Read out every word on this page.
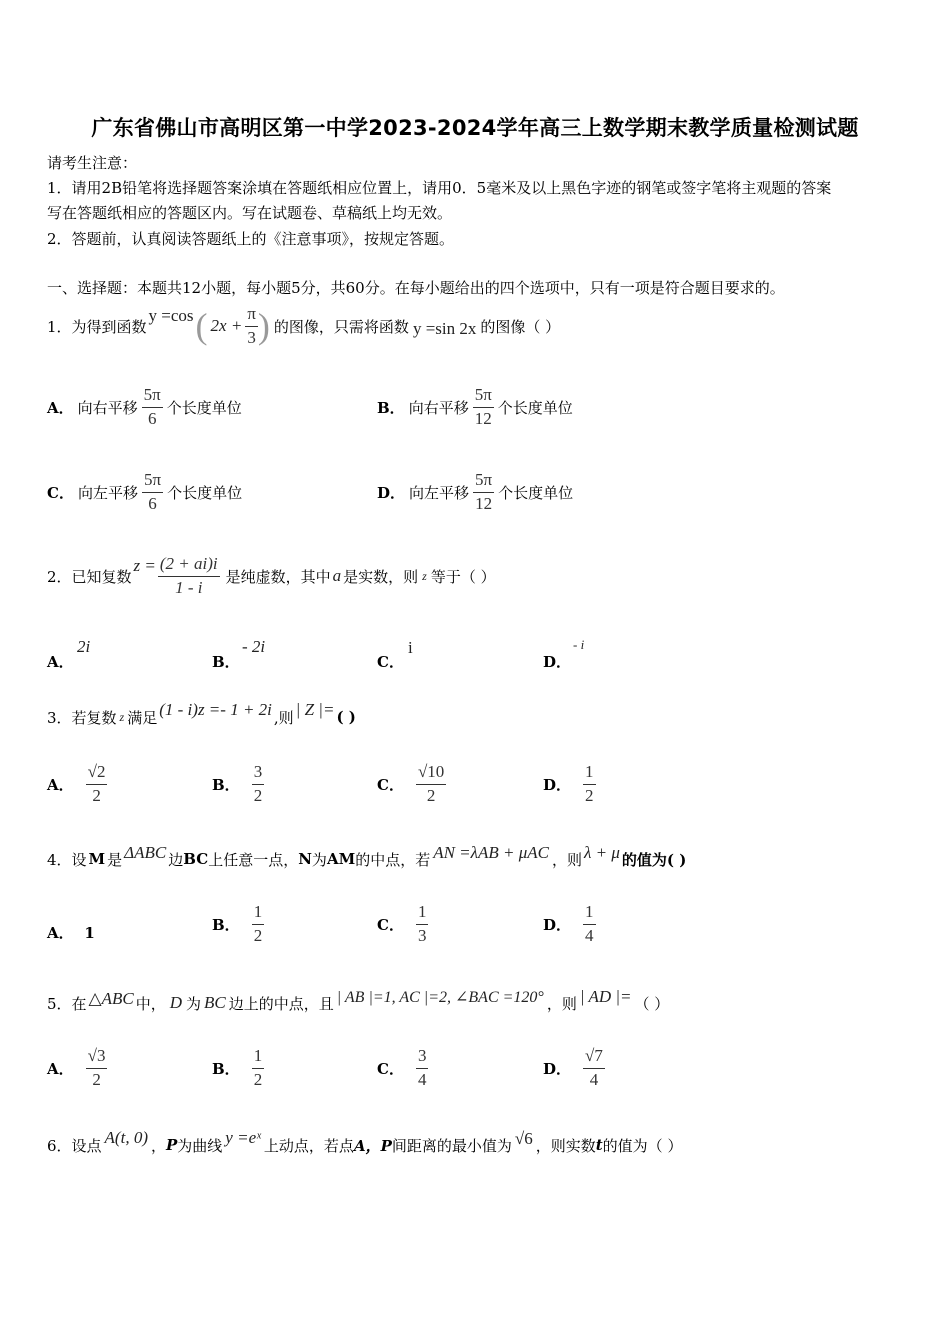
广东省佛山市高明区第一中学2023-2024学年高三上数学期末教学质量检测试题
请考生注意：
1．请用2B铅笔将选择题答案涂填在答题纸相应位置上，请用0．5毫米及以上黑色字迹的钢笔或签字笔将主观题的答案
写在答题纸相应的答题区内。写在试题卷、草稿纸上均无效。
2．答题前，认真阅读答题纸上的《注意事项》，按规定答题。
一、选择题：本题共12小题，每小题5分，共60分。在每小题给出的四个选项中，只有一项是符合题目要求的。
1．为得到函数
y =cos ( $2x + \frac{\pi}{3}$ ) 的图像，只需将函数 y =sin 2x 的图像（ ）
A． 向右平移 $\frac{5\pi}{6}$ 个长度单位	B． 向右平移 $\frac{5\pi}{12}$ 个长度单位
C． 向左平移 $\frac{5\pi}{6}$ 个长度单位	D． 向左平移 $\frac{5\pi}{12}$ 个长度单位
2．已知复数
$z = \frac{(2 + ai)i}{1 - i}$ 是纯虚数，其中 a 是实数，则 z 等于（ ）
A．
2i
B．
- 2i
C．
i
D．
- i
3．若复数 z 满足 (1 - i)z =- 1 + 2i ,则 | Z |= ( )
A． $\frac{√2}{2}$	B． $\frac{3}{2}$	C． $\frac{√10}{2}$	D． $\frac{1}{2}$
4．设 M 是 ΔABC 边 BC 上任意一点， N 为 AM 的中点，若 AN =λAB + μAC ，则 λ + μ 的值为( )
A． 1	B． $\frac{1}{2}$	C． $\frac{1}{3}$	D． $\frac{1}{4}$
5．在 △ABC 中， D 为 BC 边上的中点，且 | AB |=1, AC |=2, ∠BAC =120° ，则 | AD |= （ ）
A． $\frac{√3}{2}$	B． $\frac{1}{2}$	C． $\frac{3}{4}$	D． $\frac{√7}{4}$
6．设点 A(t, 0) ， P 为曲线 y =eˣ 上动点，若点 A，P 间距离的最小值为 √6 ，则实数 t 的值为（ ）
